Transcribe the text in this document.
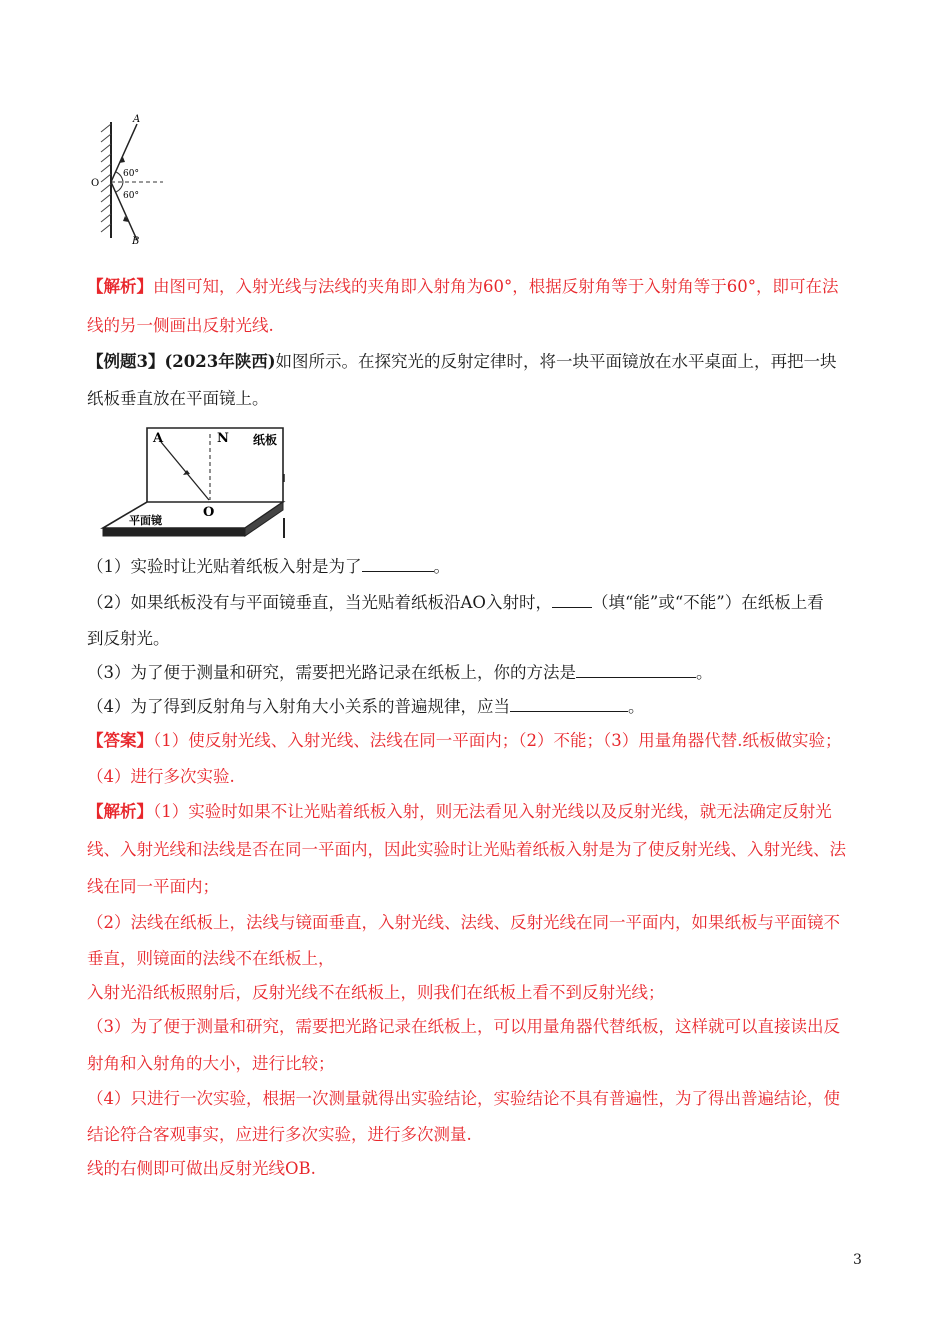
A
B
O
60°
60°
【解析】由图可知，入射光线与法线的夹角即入射角为60°，根据反射角等于入射角等于60°，即可在法
线的另一侧画出反射光线.
【例题3】(2023年陕西)如图所示。在探究光的反射定律时，将一块平面镜放在水平桌面上，再把一块
纸板垂直放在平面镜上。
A	N 纸板
O
平面镜
（1）实验时让光贴着纸板入射是为了	。
（2）如果纸板没有与平面镜垂直，当光贴着纸板沿AO入射时， （填“能”或“不能”）在纸板上看
到反射光。
（3）为了便于测量和研究，需要把光路记录在纸板上，你的方法是	。
（4）为了得到反射角与入射角大小关系的普遍规律，应当	。
【答案】（1）使反射光线、入射光线、法线在同一平面内；（2）不能；（3）用量角器代替.纸板做实验；
（4）进行多次实验.
【解析】（1）实验时如果不让光贴着纸板入射，则无法看见入射光线以及反射光线，就无法确定反射光
线、入射光线和法线是否在同一平面内，因此实验时让光贴着纸板入射是为了使反射光线、入射光线、法
线在同一平面内；
（2）法线在纸板上，法线与镜面垂直，入射光线、法线、反射光线在同一平面内，如果纸板与平面镜不
垂直，则镜面的法线不在纸板上，
入射光沿纸板照射后，反射光线不在纸板上，则我们在纸板上看不到反射光线；
（3）为了便于测量和研究，需要把光路记录在纸板上，可以用量角器代替纸板，这样就可以直接读出反
射角和入射角的大小，进行比较；
（4）只进行一次实验，根据一次测量就得出实验结论，实验结论不具有普遍性，为了得出普遍结论，使
结论符合客观事实，应进行多次实验，进行多次测量.
线的右侧即可做出反射光线OB.
3
